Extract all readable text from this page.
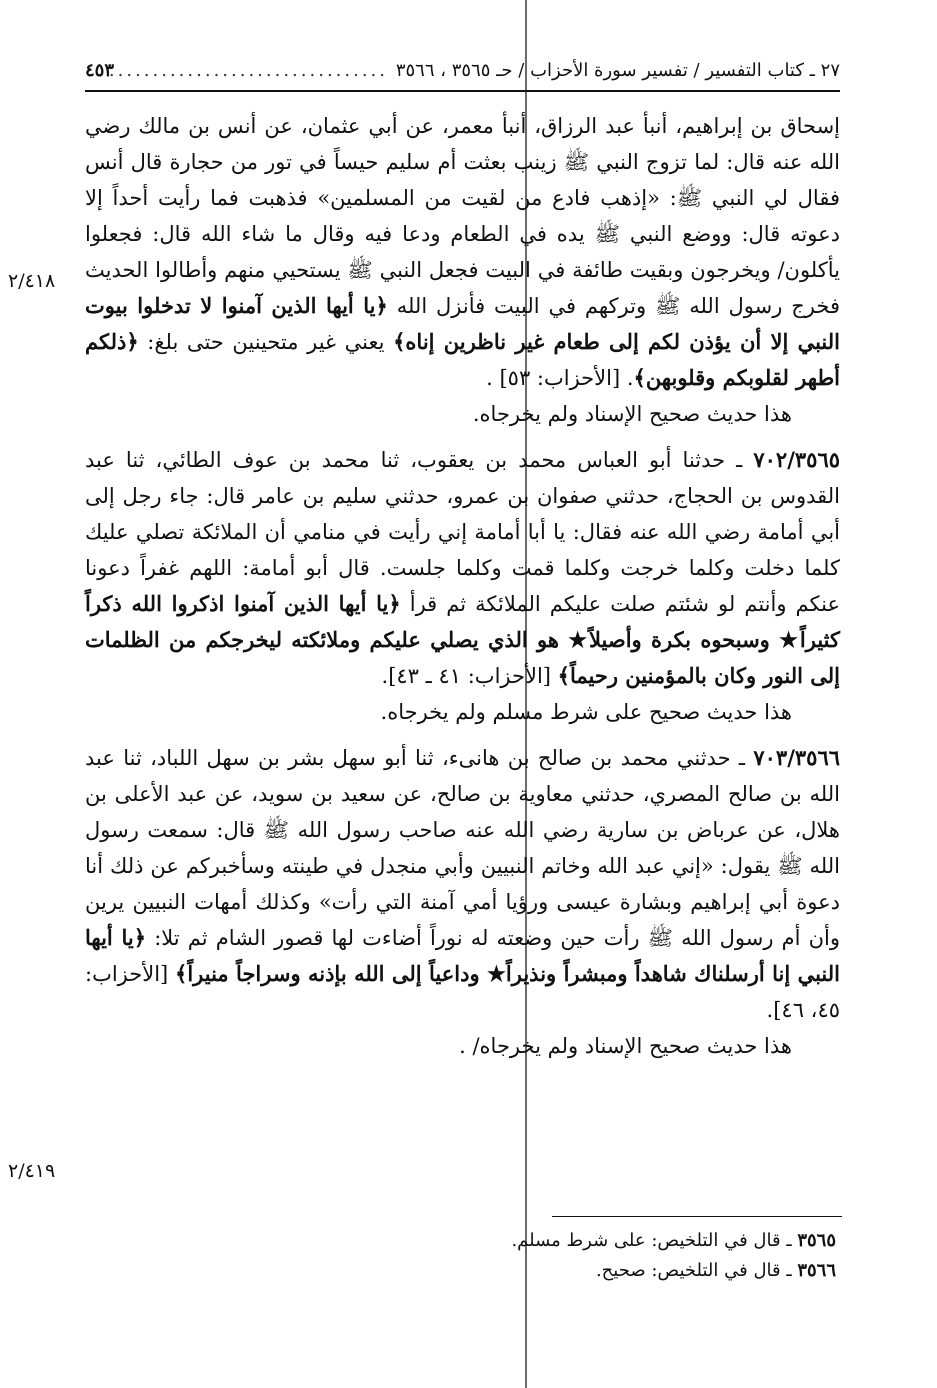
٢٧ ـ كتاب التفسير / تفسير سورة الأحزاب / حـ ٣٥٦٥ ، ٣٥٦٦
٤٥٣
................................
٢/٤١٨
٢/٤١٩

إسحاق بن إبراهيم، أنبأ عبد الرزاق، أنبأ معمر، عن أبي عثمان، عن أنس بن مالك رضي الله عنه قال: لما تزوج النبي ﷺ زينب بعثت أم سليم حيساً في تور من حجارة قال أنس فقال لي النبي ﷺ: «إذهب فادع من لقيت من المسلمين» فذهبت فما رأيت أحداً إلا دعوته قال: ووضع النبي ﷺ يده في الطعام ودعا فيه وقال ما شاء الله قال: فجعلوا يأكلون/ ويخرجون وبقيت طائفة في البيت فجعل النبي ﷺ يستحيي منهم وأطالوا الحديث فخرج رسول الله ﷺ وتركهم في البيت فأنزل الله ﴿يا أيها الذين آمنوا لا تدخلوا بيوت النبي إلا أن يؤذن لكم إلى طعام غير ناظرين إناه﴾ يعني غير متحينين حتى بلغ: ﴿ذلكم أطهر لقلوبكم وقلوبهن﴾. [الأحزاب: ٥٣] .

هذا حديث صحيح الإسناد ولم يخرجاه.

٧٠٢/٣٥٦٥ ـ حدثنا أبو العباس محمد بن يعقوب، ثنا محمد بن عوف الطائي، ثنا عبد القدوس بن الحجاج، حدثني صفوان بن عمرو، حدثني سليم بن عامر قال: جاء رجل إلى أبي أمامة رضي الله عنه فقال: يا أبا أمامة إني رأيت في منامي أن الملائكة تصلي عليك كلما دخلت وكلما خرجت وكلما قمت وكلما جلست. قال أبو أمامة: اللهم غفراً دعونا عنكم وأنتم لو شئتم صلت عليكم الملائكة ثم قرأ ﴿يا أيها الذين آمنوا اذكروا الله ذكراً كثيراً★ وسبحوه بكرة وأصيلاً★ هو الذي يصلي عليكم وملائكته ليخرجكم من الظلمات إلى النور وكان بالمؤمنين رحيماً﴾ [الأحزاب: ٤١ ـ ٤٣].

هذا حديث صحيح على شرط مسلم ولم يخرجاه.

٧٠٣/٣٥٦٦ ـ حدثني محمد بن صالح بن هانىء، ثنا أبو سهل بشر بن سهل اللباد، ثنا عبد الله بن صالح المصري، حدثني معاوية بن صالح، عن سعيد بن سويد، عن عبد الأعلى بن هلال، عن عرباض بن سارية رضي الله عنه صاحب رسول الله ﷺ قال: سمعت رسول الله ﷺ يقول: «إني عبد الله وخاتم النبيين وأبي منجدل في طينته وسأخبركم عن ذلك أنا دعوة أبي إبراهيم وبشارة عيسى ورؤيا أمي آمنة التي رأت» وكذلك أمهات النبيين يرين وأن أم رسول الله ﷺ رأت حين وضعته له نوراً أضاءت لها قصور الشام ثم تلا: ﴿يا أيها النبي إنا أرسلناك شاهداً ومبشراً ونذيراً★ وداعياً إلى الله بإذنه وسراجاً منيراً﴾ [الأحزاب: ٤٥، ٤٦].

هذا حديث صحيح الإسناد ولم يخرجاه/ .

٣٥٦٥ ـ قال في التلخيص: على شرط مسلم.

٣٥٦٦ ـ قال في التلخيص: صحيح.
